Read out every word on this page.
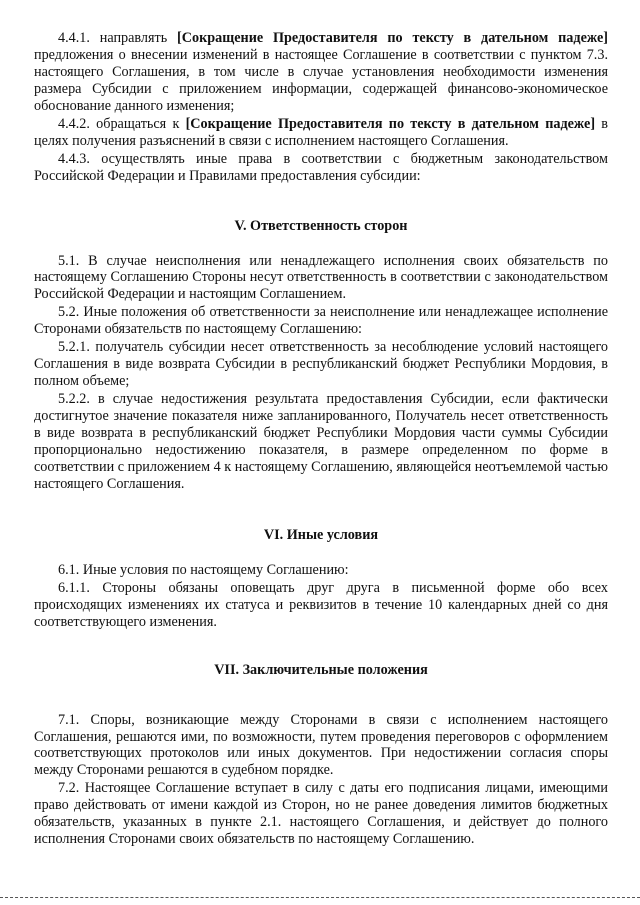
4.4.1. направлять [Сокращение Предоставителя по тексту в дательном падеже] предложения о внесении изменений в настоящее Соглашение в соответствии с пунктом 7.3. настоящего Соглашения, в том числе в случае установления необходимости изменения размера Субсидии с приложением информации, содержащей финансово-экономическое обоснование данного изменения;

4.4.2. обращаться к [Сокращение Предоставителя по тексту в дательном падеже] в целях получения разъяснений в связи с исполнением настоящего Соглашения.

4.4.3. осуществлять иные права в соответствии с бюджетным законодательством Российской Федерации и Правилами предоставления субсидии:

V. Ответственность сторон

5.1. В случае неисполнения или ненадлежащего исполнения своих обязательств по настоящему Соглашению Стороны несут ответственность в соответствии с законодательством Российской Федерации и настоящим Соглашением.

5.2. Иные положения об ответственности за неисполнение или ненадлежащее исполнение Сторонами обязательств по настоящему Соглашению:

5.2.1. получатель субсидии несет ответственность за несоблюдение условий настоящего Соглашения в виде возврата Субсидии в республиканский бюджет Республики Мордовия, в полном объеме;

5.2.2. в случае недостижения результата предоставления Субсидии, если фактически достигнутое значение показателя ниже запланированного, Получатель несет ответственность в виде возврата в республиканский бюджет Республики Мордовия части суммы Субсидии пропорционально недостижению показателя, в размере определенном по форме в соответствии с приложением 4 к настоящему Соглашению, являющейся неотъемлемой частью настоящего Соглашения.

VI. Иные условия

6.1. Иные условия по настоящему Соглашению:

6.1.1. Стороны обязаны оповещать друг друга в письменной форме обо всех происходящих изменениях их статуса и реквизитов в течение 10 календарных дней со дня соответствующего изменения.

VII. Заключительные положения

7.1. Споры, возникающие между Сторонами в связи с исполнением настоящего Соглашения, решаются ими, по возможности, путем проведения переговоров с оформлением соответствующих протоколов или иных документов. При недостижении согласия споры между Сторонами решаются в судебном порядке.

7.2. Настоящее Соглашение вступает в силу с даты его подписания лицами, имеющими право действовать от имени каждой из Сторон, но не ранее доведения лимитов бюджетных обязательств, указанных в пункте 2.1. настоящего Соглашения, и действует до полного исполнения Сторонами своих обязательств по настоящему Соглашению.
